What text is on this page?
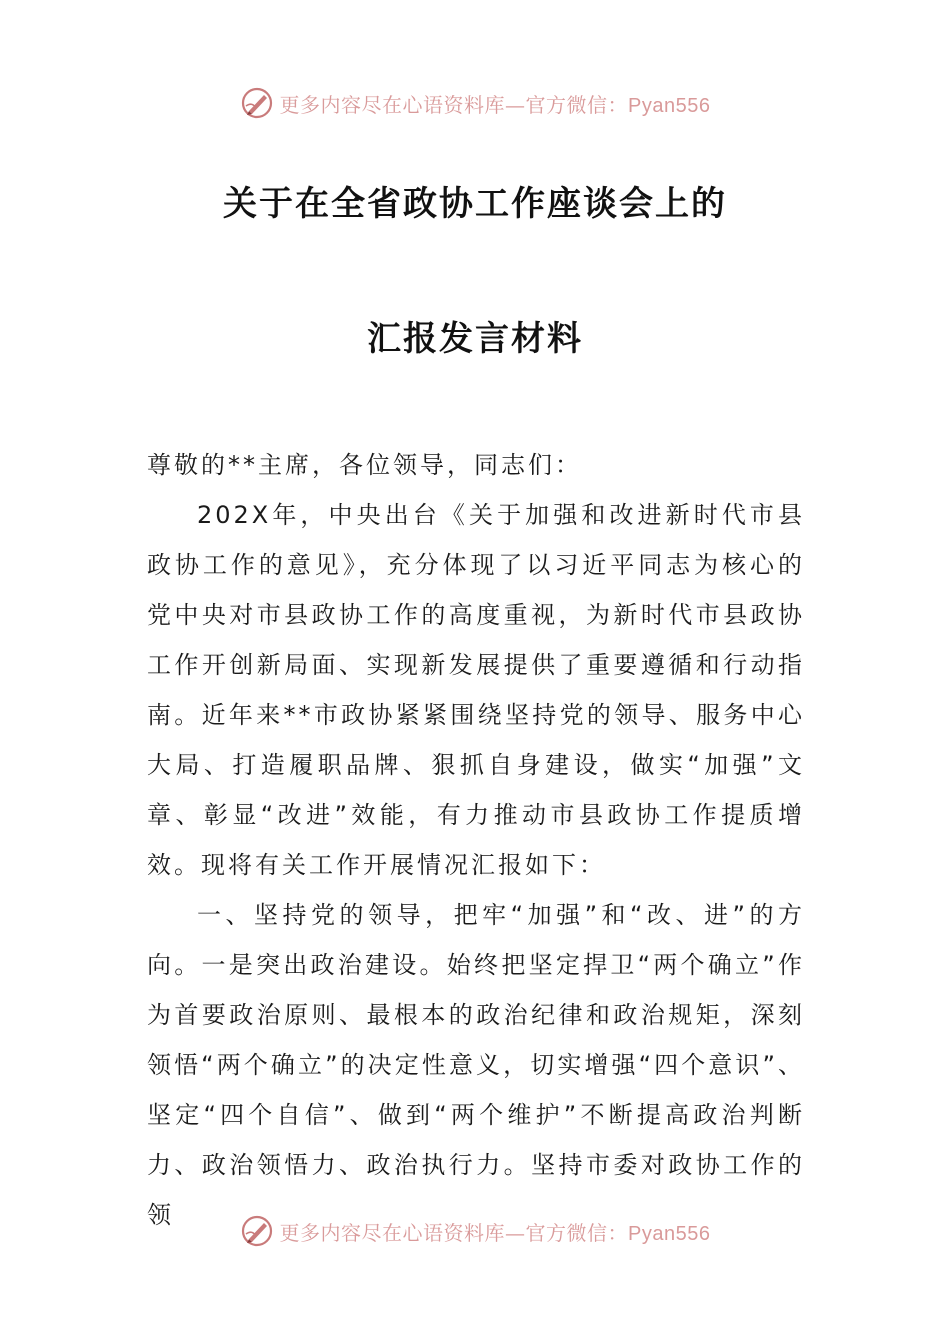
更多内容尽在心语资料库—官方微信：Pyan556
关于在全省政协工作座谈会上的
汇报发言材料

尊敬的**主席，各位领导，同志们：

202X年，中央出台《关于加强和改进新时代市县政协工作的意见》，充分体现了以习近平同志为核心的党中央对市县政协工作的高度重视，为新时代市县政协工作开创新局面、实现新发展提供了重要遵循和行动指南。近年来**市政协紧紧围绕坚持党的领导、服务中心大局、打造履职品牌、狠抓自身建设，做实“加强”文章、彰显“改进”效能，有力推动市县政协工作提质增效。现将有关工作开展情况汇报如下：

一、坚持党的领导，把牢“加强”和“改、进”的方向。一是突出政治建设。始终把坚定捍卫“两个确立”作为首要政治原则、最根本的政治纪律和政治规矩，深刻领悟“两个确立”的决定性意义，切实增强“四个意识”、坚定“四个自信”、做到“两个维护”不断提高政治判断力、政治领悟力、政治执行力。坚持市委对政协工作的领

更多内容尽在心语资料库—官方微信：Pyan556
